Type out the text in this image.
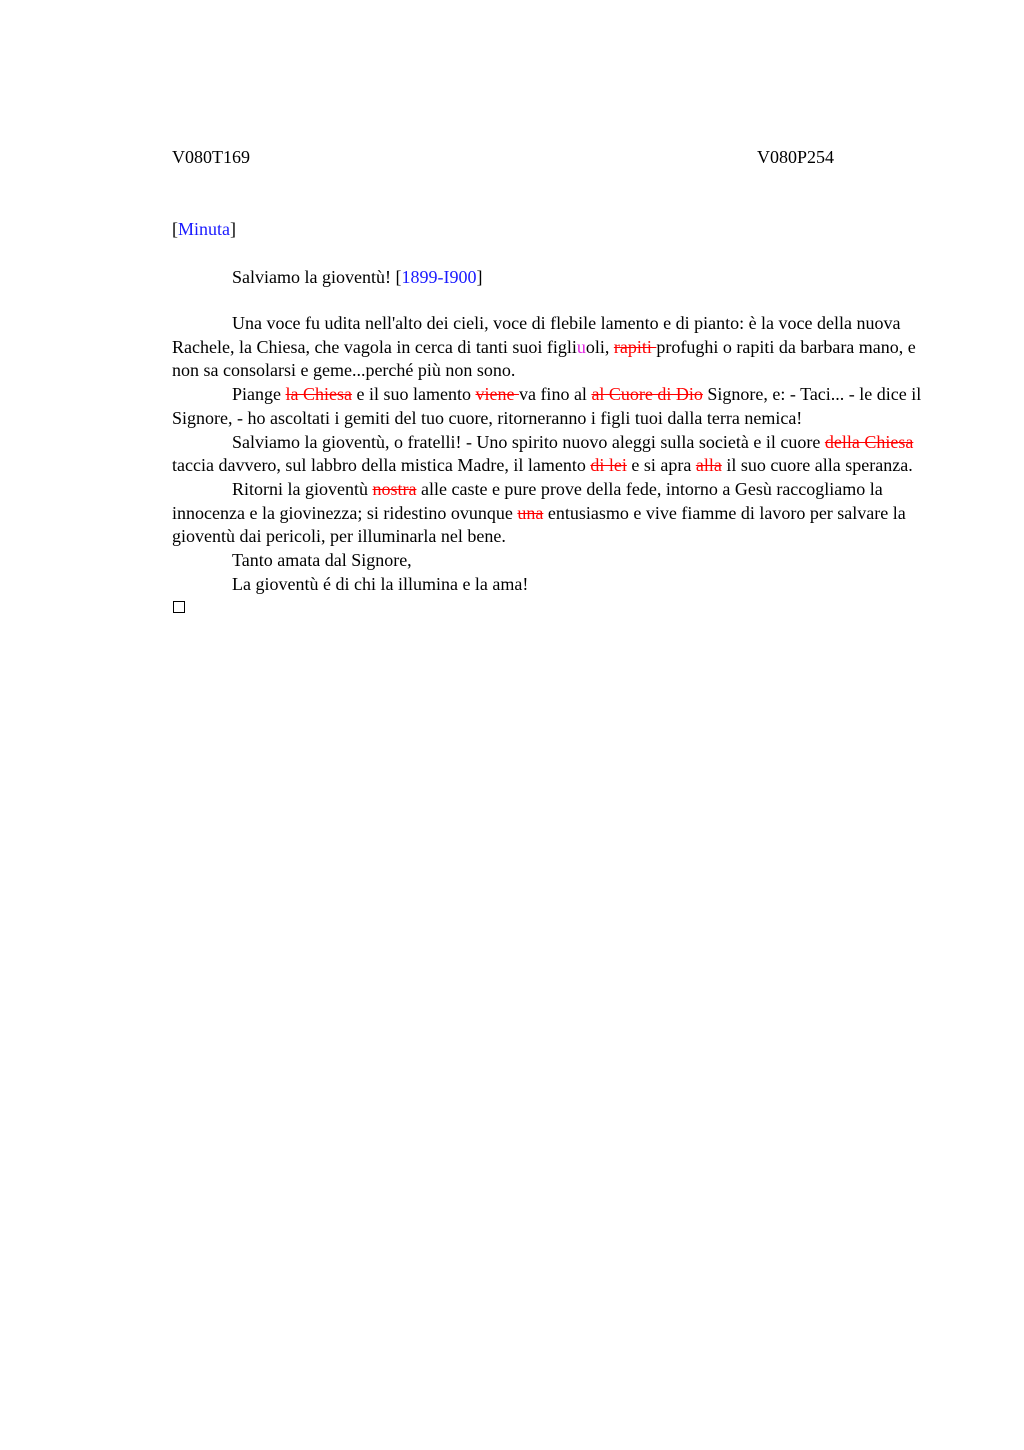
V080T169	V080P254
[Minuta]
Salviamo la gioventù! [1899-I900]

Una voce fu udita nell'alto dei cieli, voce di flebile lamento e di pianto: è la voce della nuova Rachele, la Chiesa, che vagola in cerca di tanti suoi figliuoli, rapiti profughi o rapiti da barbara mano, e non sa consolarsi e geme...perché più non sono.

Piange la Chiesa e il suo lamento viene va fino al al Cuore di Dio Signore, e: - Taci... - le dice il Signore, - ho ascoltati i gemiti del tuo cuore, ritorneranno i figli tuoi dalla terra nemica!

Salviamo la gioventù, o fratelli! - Uno spirito nuovo aleggi sulla società e il cuore della Chiesa taccia davvero, sul labbro della mistica Madre, il lamento di lei e si apra alla il suo cuore alla speranza.

Ritorni la gioventù nostra alle caste e pure prove della fede, intorno a Gesù raccogliamo la innocenza e la giovinezza; si ridestino ovunque una entusiasmo e vive fiamme di lavoro per salvare la gioventù dai pericoli, per illuminarla nel bene.

Tanto amata dal Signore,

La gioventù é di chi la illumina e la ama!
